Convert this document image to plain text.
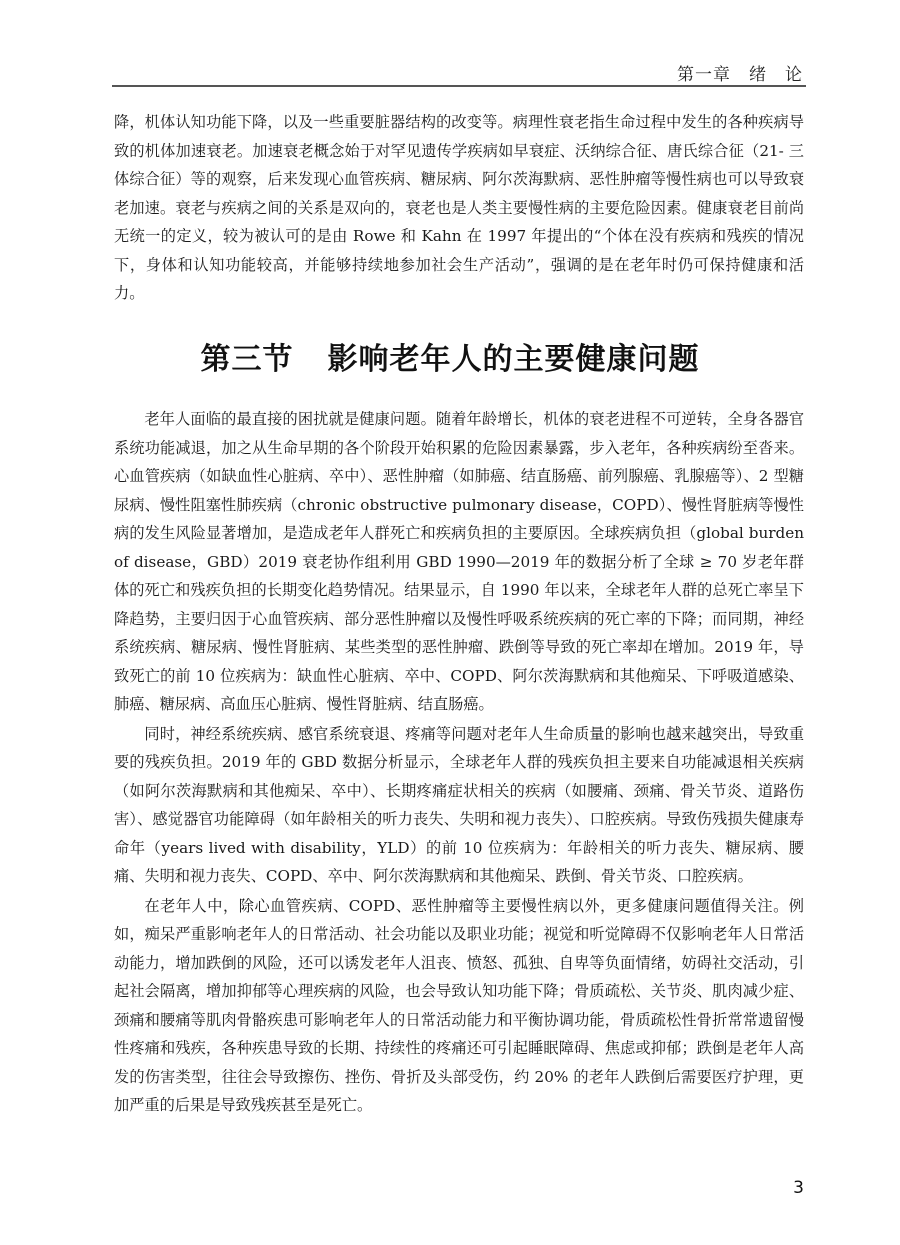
第一章　绪　论

降，机体认知功能下降，以及一些重要脏器结构的改变等。病理性衰老指生命过程中发生的各种疾病导致的机体加速衰老。加速衰老概念始于对罕见遗传学疾病如早衰症、沃纳综合征、唐氏综合征（21- 三体综合征）等的观察，后来发现心血管疾病、糖尿病、阿尔茨海默病、恶性肿瘤等慢性病也可以导致衰老加速。衰老与疾病之间的关系是双向的，衰老也是人类主要慢性病的主要危险因素。健康衰老目前尚无统一的定义，较为被认可的是由 Rowe 和 Kahn 在 1997 年提出的“个体在没有疾病和残疾的情况下，身体和认知功能较高，并能够持续地参加社会生产活动”，强调的是在老年时仍可保持健康和活力。

第三节 影响老年人的主要健康问题

老年人面临的最直接的困扰就是健康问题。随着年龄增长，机体的衰老进程不可逆转，全身各器官系统功能减退，加之从生命早期的各个阶段开始积累的危险因素暴露，步入老年，各种疾病纷至沓来。心血管疾病（如缺血性心脏病、卒中）、恶性肿瘤（如肺癌、结直肠癌、前列腺癌、乳腺癌等）、2 型糖尿病、慢性阻塞性肺疾病（chronic obstructive pulmonary disease，COPD）、慢性肾脏病等慢性病的发生风险显著增加，是造成老年人群死亡和疾病负担的主要原因。全球疾病负担（global burden of disease，GBD）2019 衰老协作组利用 GBD 1990—2019 年的数据分析了全球 ≥ 70 岁老年群体的死亡和残疾负担的长期变化趋势情况。结果显示，自 1990 年以来，全球老年人群的总死亡率呈下降趋势，主要归因于心血管疾病、部分恶性肿瘤以及慢性呼吸系统疾病的死亡率的下降；而同期，神经系统疾病、糖尿病、慢性肾脏病、某些类型的恶性肿瘤、跌倒等导致的死亡率却在增加。2019 年，导致死亡的前 10 位疾病为：缺血性心脏病、卒中、COPD、阿尔茨海默病和其他痴呆、下呼吸道感染、肺癌、糖尿病、高血压心脏病、慢性肾脏病、结直肠癌。

同时，神经系统疾病、感官系统衰退、疼痛等问题对老年人生命质量的影响也越来越突出，导致重要的残疾负担。2019 年的 GBD 数据分析显示，全球老年人群的残疾负担主要来自功能减退相关疾病（如阿尔茨海默病和其他痴呆、卒中）、长期疼痛症状相关的疾病（如腰痛、颈痛、骨关节炎、道路伤害）、感觉器官功能障碍（如年龄相关的听力丧失、失明和视力丧失）、口腔疾病。导致伤残损失健康寿命年（years lived with disability，YLD）的前 10 位疾病为：年龄相关的听力丧失、糖尿病、腰痛、失明和视力丧失、COPD、卒中、阿尔茨海默病和其他痴呆、跌倒、骨关节炎、口腔疾病。

在老年人中，除心血管疾病、COPD、恶性肿瘤等主要慢性病以外，更多健康问题值得关注。例如，痴呆严重影响老年人的日常活动、社会功能以及职业功能；视觉和听觉障碍不仅影响老年人日常活动能力，增加跌倒的风险，还可以诱发老年人沮丧、愤怒、孤独、自卑等负面情绪，妨碍社交活动，引起社会隔离，增加抑郁等心理疾病的风险，也会导致认知功能下降；骨质疏松、关节炎、肌肉减少症、颈痛和腰痛等肌肉骨骼疾患可影响老年人的日常活动能力和平衡协调功能，骨质疏松性骨折常常遗留慢性疼痛和残疾，各种疾患导致的长期、持续性的疼痛还可引起睡眠障碍、焦虑或抑郁；跌倒是老年人高发的伤害类型，往往会导致擦伤、挫伤、骨折及头部受伤，约 20% 的老年人跌倒后需要医疗护理，更加严重的后果是导致残疾甚至是死亡。

3
